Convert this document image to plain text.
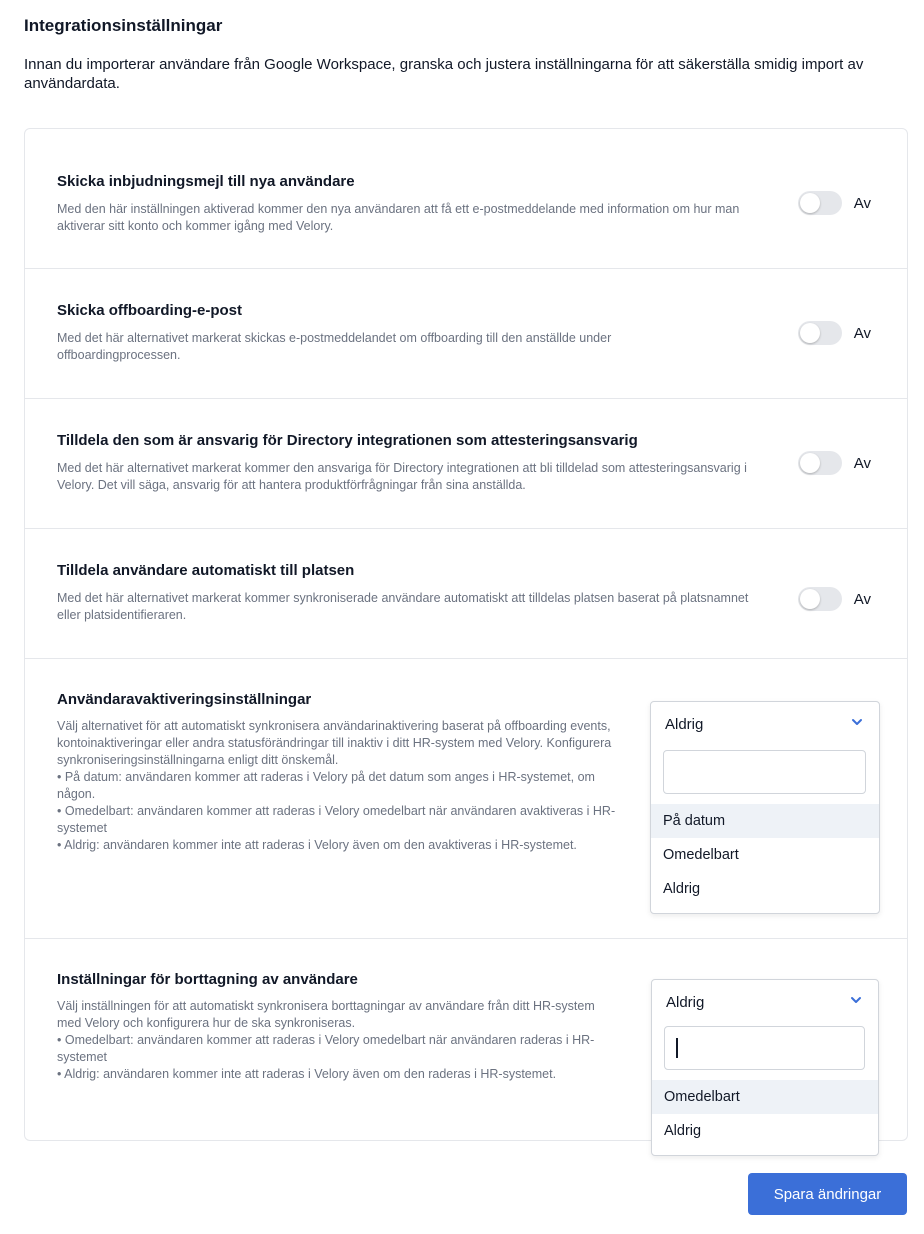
Integrationsinställningar
Innan du importerar användare från Google Workspace, granska och justera inställningarna för att säkerställa smidig import av användardata.
Skicka inbjudningsmejl till nya användare
Med den här inställningen aktiverad kommer den nya användaren att få ett e-postmeddelande med information om hur man aktiverar sitt konto och kommer igång med Velory.
Av
Skicka offboarding-e-post
Med det här alternativet markerat skickas e-postmeddelandet om offboarding till den anställde under offboardingprocessen.
Av
Tilldela den som är ansvarig för Directory integrationen som attesteringsansvarig
Med det här alternativet markerat kommer den ansvariga för Directory integrationen att bli tilldelad som attesteringsansvarig i Velory. Det vill säga, ansvarig för att hantera produktförfrågningar från sina anställda.
Av
Tilldela användare automatiskt till platsen
Med det här alternativet markerat kommer synkroniserade användare automatiskt att tilldelas platsen baserat på platsnamnet eller platsidentifieraren.
Av
Användaravaktiveringsinställningar
Välj alternativet för att automatiskt synkronisera användarinaktivering baserat på offboarding events, kontoinaktiveringar eller andra statusförändringar till inaktiv i ditt HR-system med Velory. Konfigurera synkroniseringsinställningarna enligt ditt önskemål.
• På datum: användaren kommer att raderas i Velory på det datum som anges i HR-systemet, om någon.
• Omedelbart: användaren kommer att raderas i Velory omedelbart när användaren avaktiveras i HR-systemet
• Aldrig: användaren kommer inte att raderas i Velory även om den avaktiveras i HR-systemet.
Inställningar för borttagning av användare
Välj inställningen för att automatiskt synkronisera borttagningar av användare från ditt HR-system med Velory och konfigurera hur de ska synkroniseras.
• Omedelbart: användaren kommer att raderas i Velory omedelbart när användaren raderas i HR-systemet
• Aldrig: användaren kommer inte att raderas i Velory även om den raderas i HR-systemet.
Aldrig
På datum
Omedelbart
Aldrig
Aldrig
Omedelbart
Aldrig
Spara ändringar
